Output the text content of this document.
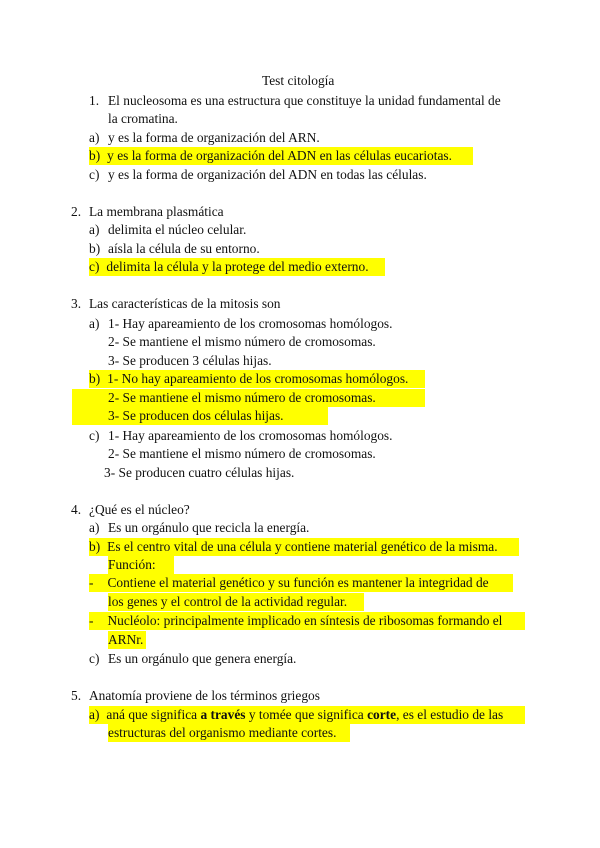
Test citología
1. El nucleosoma es una estructura que constituye la unidad fundamental de
la cromatina.
a) y es la forma de organización del ARN.
b) y es la forma de organización del ADN en las células eucariotas.
c) y es la forma de organización del ADN en todas las células.
2. La membrana plasmática
a) delimita el núcleo celular.
b) aísla la célula de su entorno.
c) delimita la célula y la protege del medio externo.
3. Las características de la mitosis son
a) 1- Hay apareamiento de los cromosomas homólogos.
2- Se mantiene el mismo número de cromosomas.
3- Se producen 3 células hijas.
b) 1- No hay apareamiento de los cromosomas homólogos.
2- Se mantiene el mismo número de cromosomas.
3- Se producen dos células hijas.
c) 1- Hay apareamiento de los cromosomas homólogos.
2- Se mantiene el mismo número de cromosomas.
3- Se producen cuatro células hijas.
4. ¿Qué es el núcleo?
a) Es un orgánulo que recicla la energía.
b) Es el centro vital de una célula y contiene material genético de la misma.
Función:
- Contiene el material genético y su función es mantener la integridad de
los genes y el control de la actividad regular.
- Nucléolo: principalmente implicado en síntesis de ribosomas formando el
ARNr.
c) Es un orgánulo que genera energía.
5. Anatomía proviene de los términos griegos
a) aná que significa a través y tomée que significa corte, es el estudio de las
estructuras del organismo mediante cortes.
